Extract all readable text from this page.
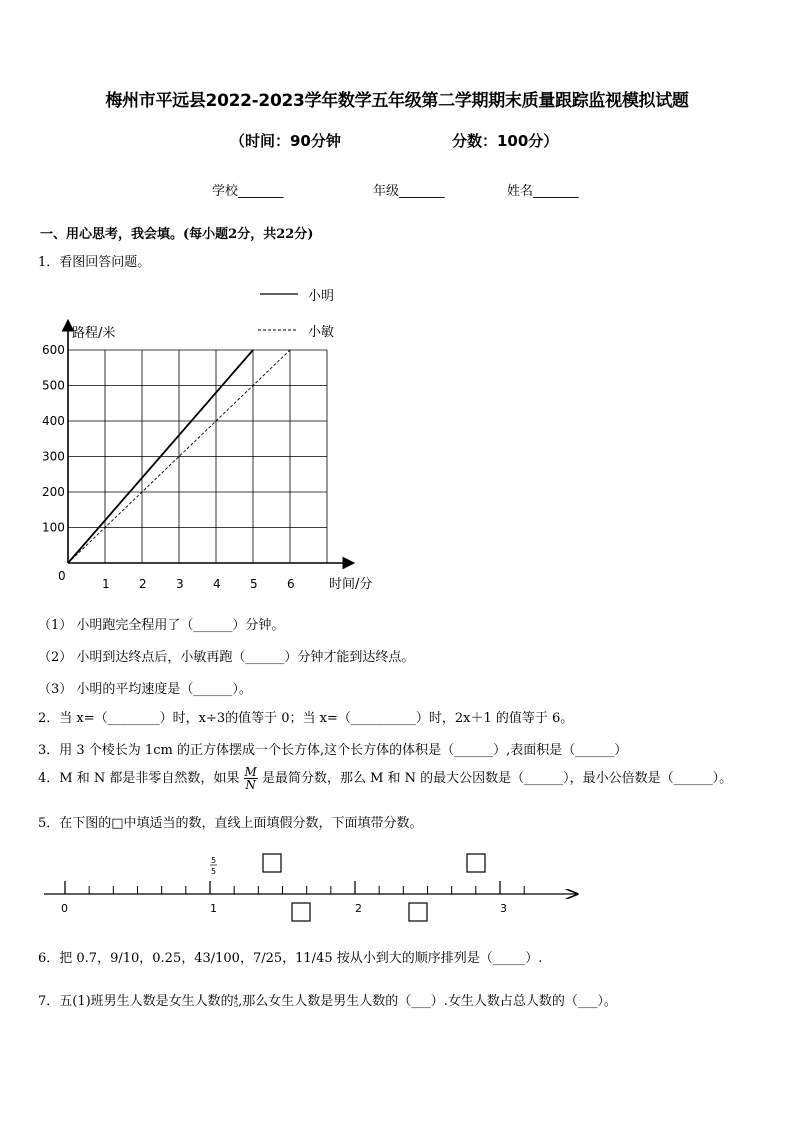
梅州市平远县2022-2023学年数学五年级第二学期期末质量跟踪监视模拟试题
（时间：90分钟	分数：100分）
学校_______	年级_______	姓名_______
一、用心思考，我会填。(每小题2分，共22分)
1．看图回答问题。
小明
小敏
1 2 3 4 5 6
100
200
300
400
500
600
路程/米
时间/分
0
（1） 小明跑完全程用了（______）分钟。
（2） 小明到达终点后，小敏再跑（______）分钟才能到达终点。
（3） 小明的平均速度是（______）。
2．当 x=（________）时，x÷3的值等于 0；当 x=（__________）时，2x＋1 的值等于 6。
3．用 3 个棱长为 1cm 的正方体摆成一个长方体,这个长方体的体积是（______）,表面积是（______）
4．M 和 N 都是非零自然数，如果 $\frac{M}{N}$ 是最简分数，那么 M 和 N 的最大公因数是（______），最小公倍数是（______）。
5．在下图的□中填适当的数，直线上面填假分数，下面填带分数。
0	1	2	3
5
5
6．把 0.7，9/10，0.25，43/100，7/25，11/45 按从小到大的顺序排列是（_____）.
7．五(1)班男生人数是女生人数的 4
5 ,那么女生人数是男生人数的（___）.女生人数占总人数的（___）。
